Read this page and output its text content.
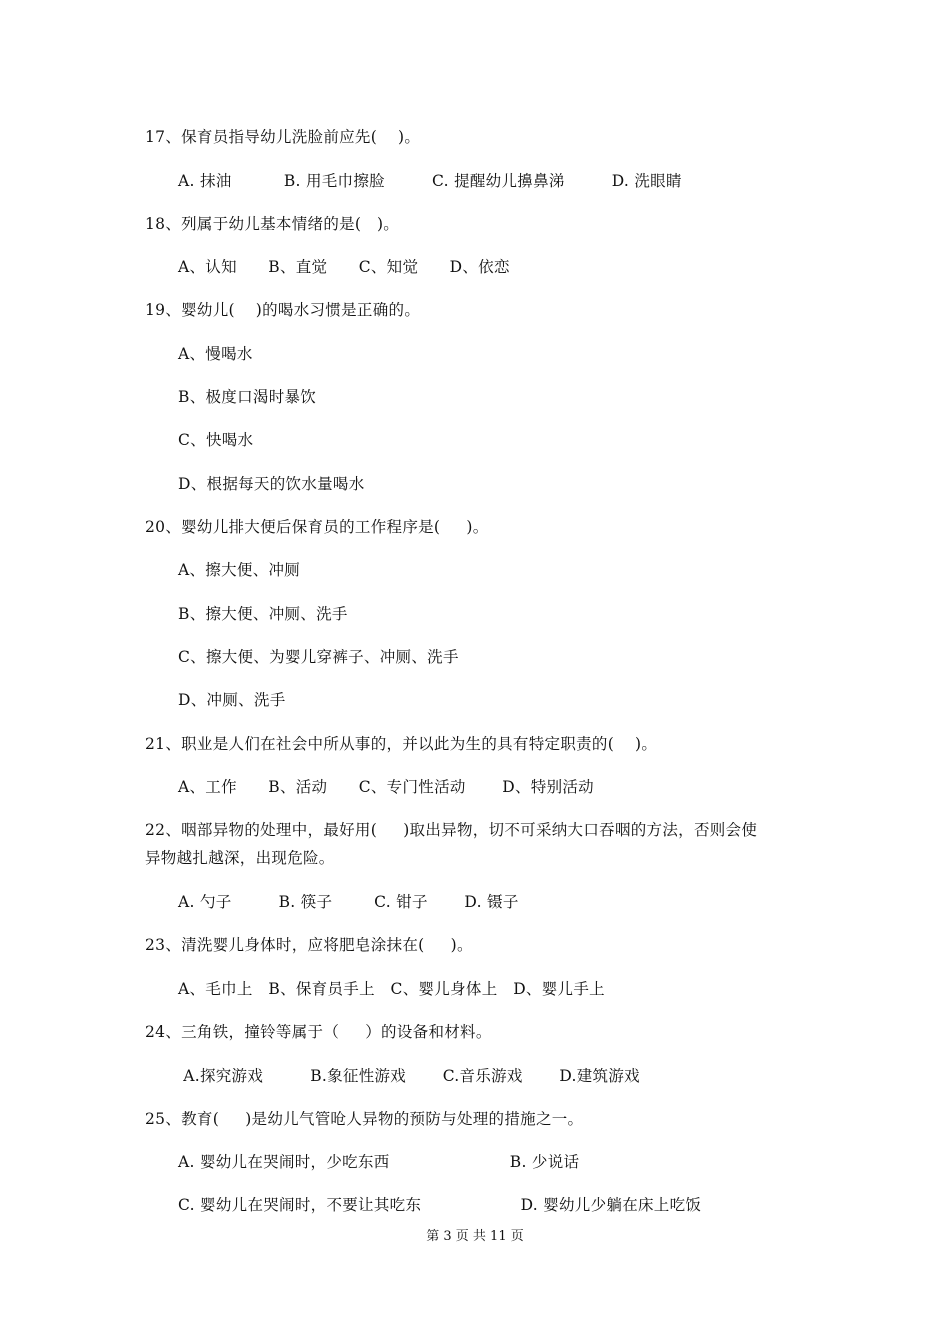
17、保育员指导幼儿洗脸前应先(    )。
A. 抹油          B. 用毛巾擦脸         C. 提醒幼儿擤鼻涕         D. 洗眼睛
18、列属于幼儿基本情绪的是(   )。
A、认知      B、直觉      C、知觉      D、依恋
19、婴幼儿(    )的喝水习惯是正确的。
A、慢喝水
B、极度口渴时暴饮
C、快喝水
D、根据每天的饮水量喝水
20、婴幼儿排大便后保育员的工作程序是(     )。
A、擦大便、冲厕
B、擦大便、冲厕、洗手
C、擦大便、为婴儿穿裤子、冲厕、洗手
D、冲厕、洗手
21、职业是人们在社会中所从事的，并以此为生的具有特定职责的(    )。
A、工作      B、活动      C、专门性活动       D、特别活动
22、咽部异物的处理中，最好用(     )取出异物，切不可采纳大口吞咽的方法，否则会使
异物越扎越深，出现危险。
A. 勺子         B. 筷子        C. 钳子       D. 镊子
23、清洗婴儿身体时，应将肥皂涂抹在(     )。
A、毛巾上   B、保育员手上   C、婴儿身体上   D、婴儿手上
24、三角铁，撞铃等属于（     ）的设备和材料。
A.探究游戏         B.象征性游戏       C.音乐游戏       D.建筑游戏
25、教育(     )是幼儿气管呛人异物的预防与处理的措施之一。
A. 婴幼儿在哭闹时，少吃东西                       B. 少说话
C. 婴幼儿在哭闹时，不要让其吃东                   D. 婴幼儿少躺在床上吃饭
第 3 页 共 11 页
